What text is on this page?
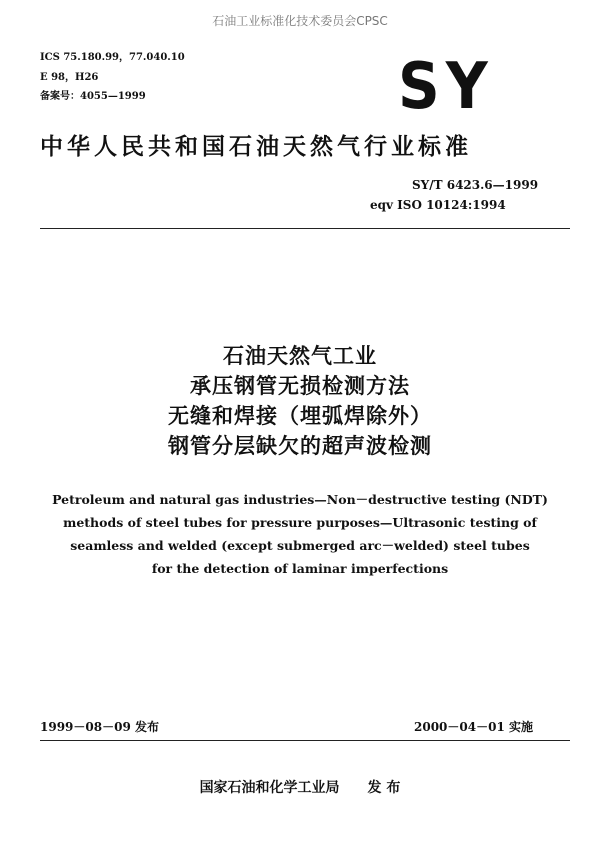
石油工业标准化技术委员会CPSC
ICS 75.180.99，77.040.10
E 98，H26
备案号：4055—1999	SY
中华人民共和国石油天然气行业标准
SY/T 6423.6—1999
eqv ISO 10124:1994
石油天然气工业
承压钢管无损检测方法
无缝和焊接（埋弧焊除外）
钢管分层缺欠的超声波检测
Petroleum and natural gas industries—Non－destructive testing (NDT)
methods of steel tubes for pressure purposes—Ultrasonic testing of
seamless and welded (except submerged arc－welded) steel tubes
for the detection of laminar imperfections
1999－08－09 发布	2000－04－01 实施
国家石油和化学工业局　　发 布
